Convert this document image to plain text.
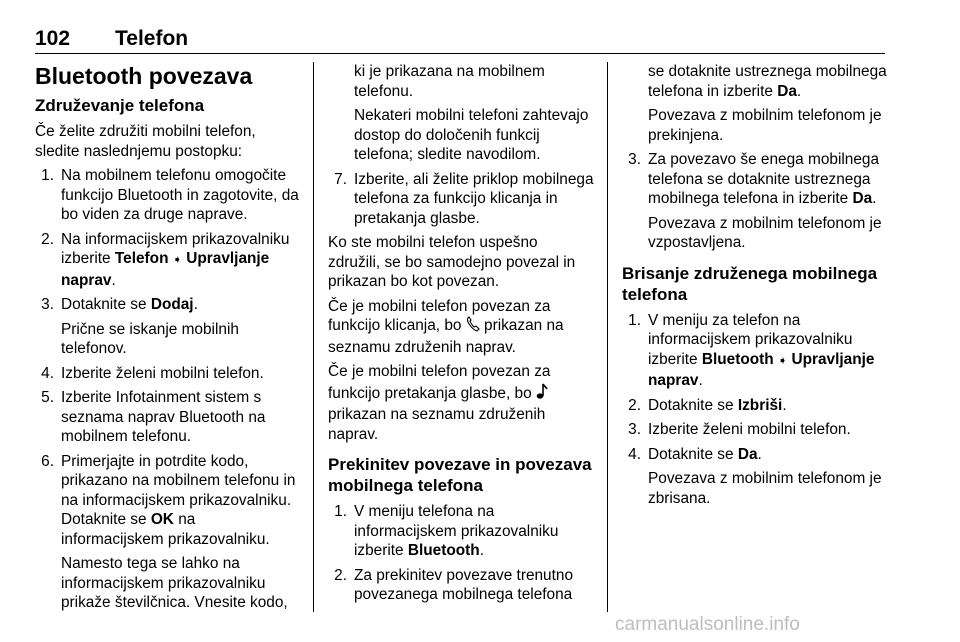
102 Telefon
Bluetooth povezava
Združevanje telefona

Če želite združiti mobilni telefon, sledite naslednjemu postopku:

1. Na mobilnem telefonu omogočite funkcijo Bluetooth in zagotovite, da bo viden za druge naprave.

2. Na informacijskem prikazovalniku izberite Telefon ➧ Upravljanje naprav.

3. Dotaknite se Dodaj.

Prične se iskanje mobilnih telefonov.

4. Izberite želeni mobilni telefon.

5. Izberite Infotainment sistem s seznama naprav Bluetooth na mobilnem telefonu.

6. Primerjajte in potrdite kodo, prikazano na mobilnem telefonu in na informacijskem prikazovalniku. Dotaknite se OK na informacijskem prikazovalniku.

Namesto tega se lahko na informacijskem prikazovalniku prikaže številčnica. Vnesite kodo,

ki je prikazana na mobilnem telefonu.

Nekateri mobilni telefoni zahtevajo dostop do določenih funkcij telefona; sledite navodilom.

7. Izberite, ali želite priklop mobilnega telefona za funkcijo klicanja in pretakanja glasbe.

Ko ste mobilni telefon uspešno združili, se bo samodejno povezal in prikazan bo kot povezan.

Če je mobilni telefon povezan za funkcijo klicanja, bo  prikazan na seznamu združenih naprav.

Če je mobilni telefon povezan za funkcijo pretakanja glasbe, bo  prikazan na seznamu združenih naprav.

Prekinitev povezave in povezava mobilnega telefona
1. V meniju telefona na informacijskem prikazovalniku izberite Bluetooth.

2. Za prekinitev povezave trenutno povezanega mobilnega telefona

se dotaknite ustreznega mobilnega telefona in izberite Da.

Povezava z mobilnim telefonom je prekinjena.

3. Za povezavo še enega mobilnega telefona se dotaknite ustreznega mobilnega telefona in izberite Da.

Povezava z mobilnim telefonom je vzpostavljena.

Brisanje združenega mobilnega telefona
1. V meniju za telefon na informacijskem prikazovalniku izberite Bluetooth ➧ Upravljanje naprav.

2. Dotaknite se Izbriši.

3. Izberite želeni mobilni telefon.

4. Dotaknite se Da.

Povezava z mobilnim telefonom je zbrisana.

carmanualsonline.info
